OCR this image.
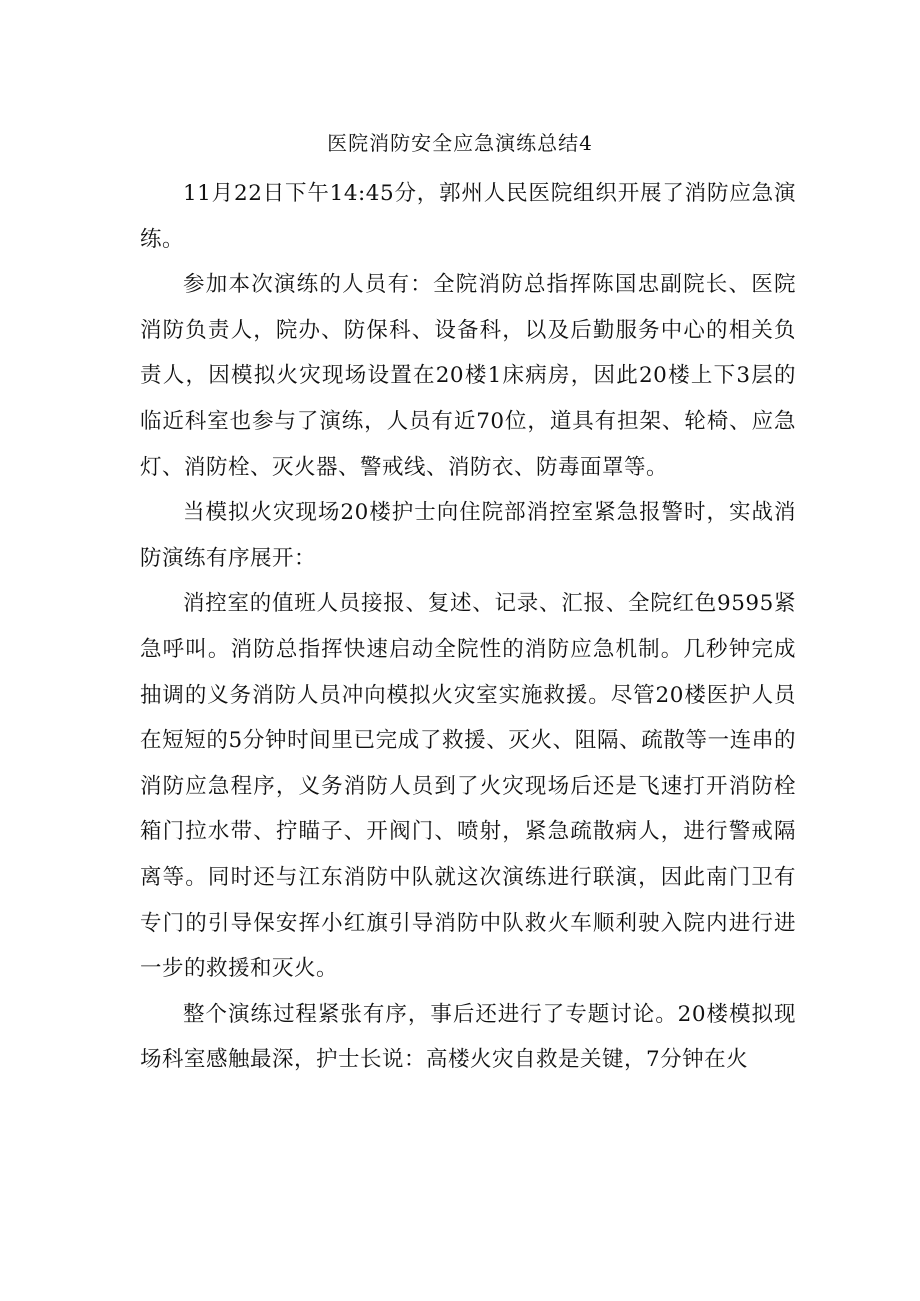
医院消防安全应急演练总结4

11月22日下午14:45分，郭州人民医院组织开展了消防应急演练。

参加本次演练的人员有：全院消防总指挥陈国忠副院长、医院消防负责人，院办、防保科、设备科，以及后勤服务中心的相关负责人，因模拟火灾现场设置在20楼1床病房，因此20楼上下3层的临近科室也参与了演练，人员有近70位，道具有担架、轮椅、应急灯、消防栓、灭火器、警戒线、消防衣、防毒面罩等。

当模拟火灾现场20楼护士向住院部消控室紧急报警时，实战消防演练有序展开：

消控室的值班人员接报、复述、记录、汇报、全院红色9595紧急呼叫。消防总指挥快速启动全院性的消防应急机制。几秒钟完成抽调的义务消防人员冲向模拟火灾室实施救援。尽管20楼医护人员在短短的5分钟时间里已完成了救援、灭火、阻隔、疏散等一连串的消防应急程序，义务消防人员到了火灾现场后还是飞速打开消防栓箱门拉水带、拧瞄子、开阀门、喷射，紧急疏散病人，进行警戒隔离等。同时还与江东消防中队就这次演练进行联演，因此南门卫有专门的引导保安挥小红旗引导消防中队救火车顺利驶入院内进行进一步的救援和灭火。

整个演练过程紧张有序，事后还进行了专题讨论。20楼模拟现场科室感触最深，护士长说：高楼火灾自救是关键，7分钟在火
